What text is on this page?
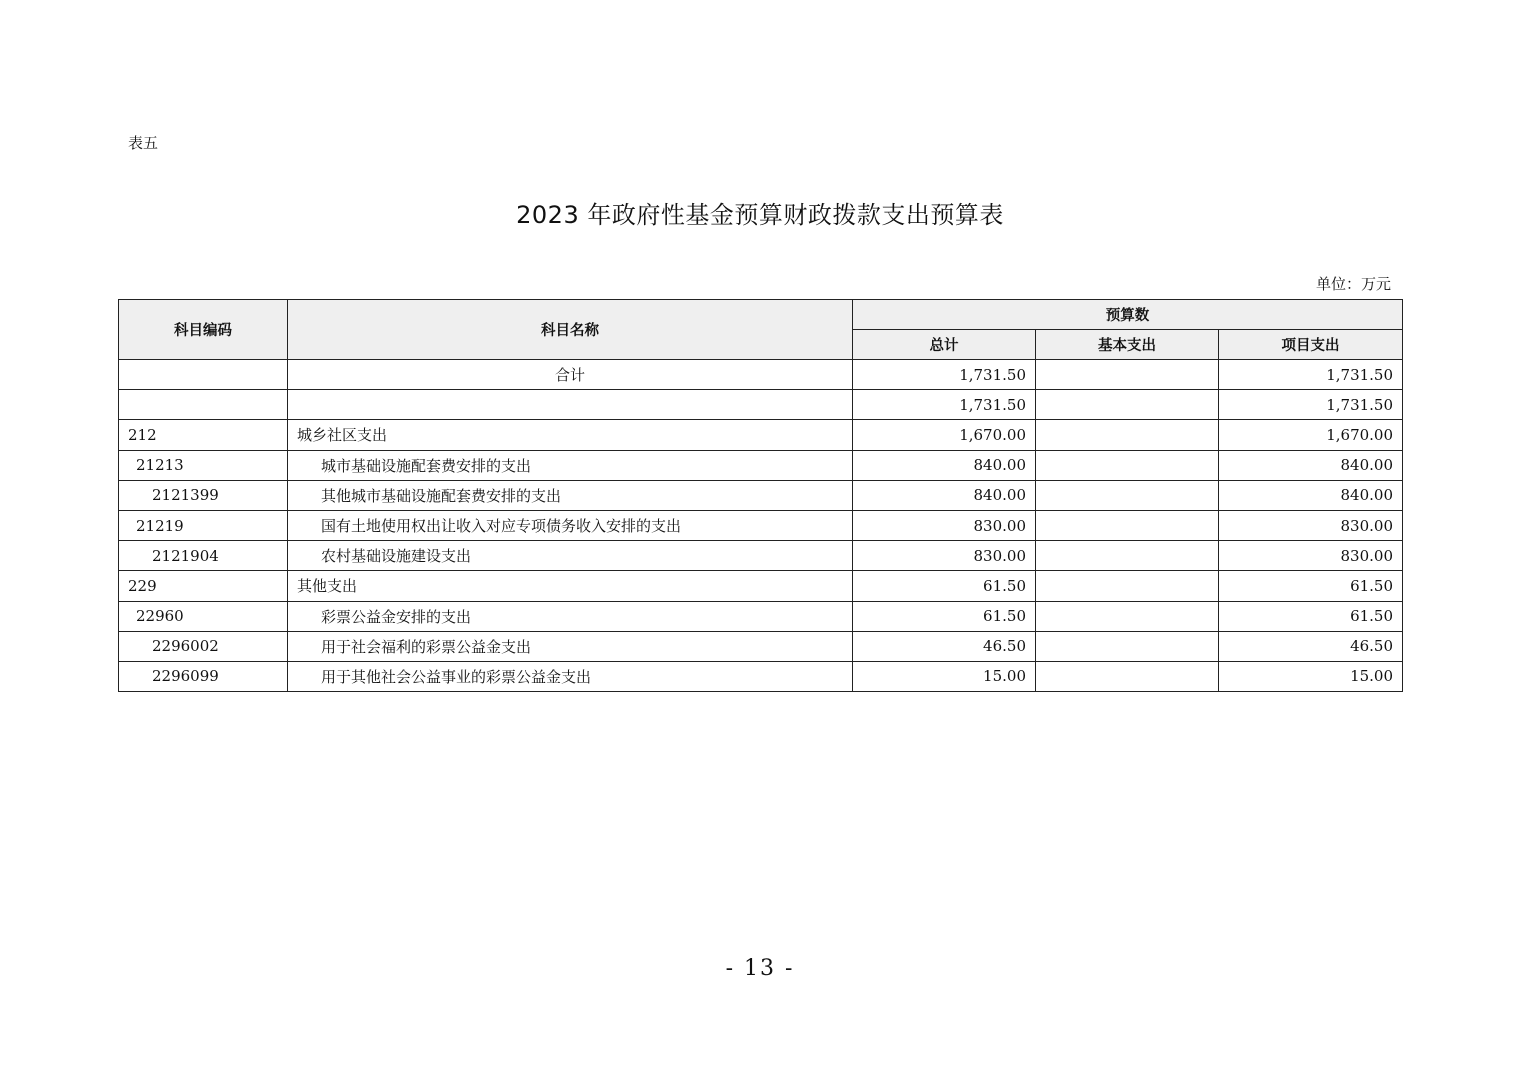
表五
2023 年政府性基金预算财政拨款支出预算表
单位：万元
科目编码	科目名称	预算数		
		总计	基本支出	项目支出
	合计	1,731.50		1,731.50
		1,731.50		1,731.50
212	城乡社区支出	1,670.00		1,670.00
21213	城市基础设施配套费安排的支出	840.00		840.00
2121399	其他城市基础设施配套费安排的支出	840.00		840.00
21219	国有土地使用权出让收入对应专项债务收入安排的支出	830.00		830.00
2121904	农村基础设施建设支出	830.00		830.00
229	其他支出	61.50		61.50
22960	彩票公益金安排的支出	61.50		61.50
2296002	用于社会福利的彩票公益金支出	46.50		46.50
2296099	用于其他社会公益事业的彩票公益金支出	15.00		15.00
- 13 -
